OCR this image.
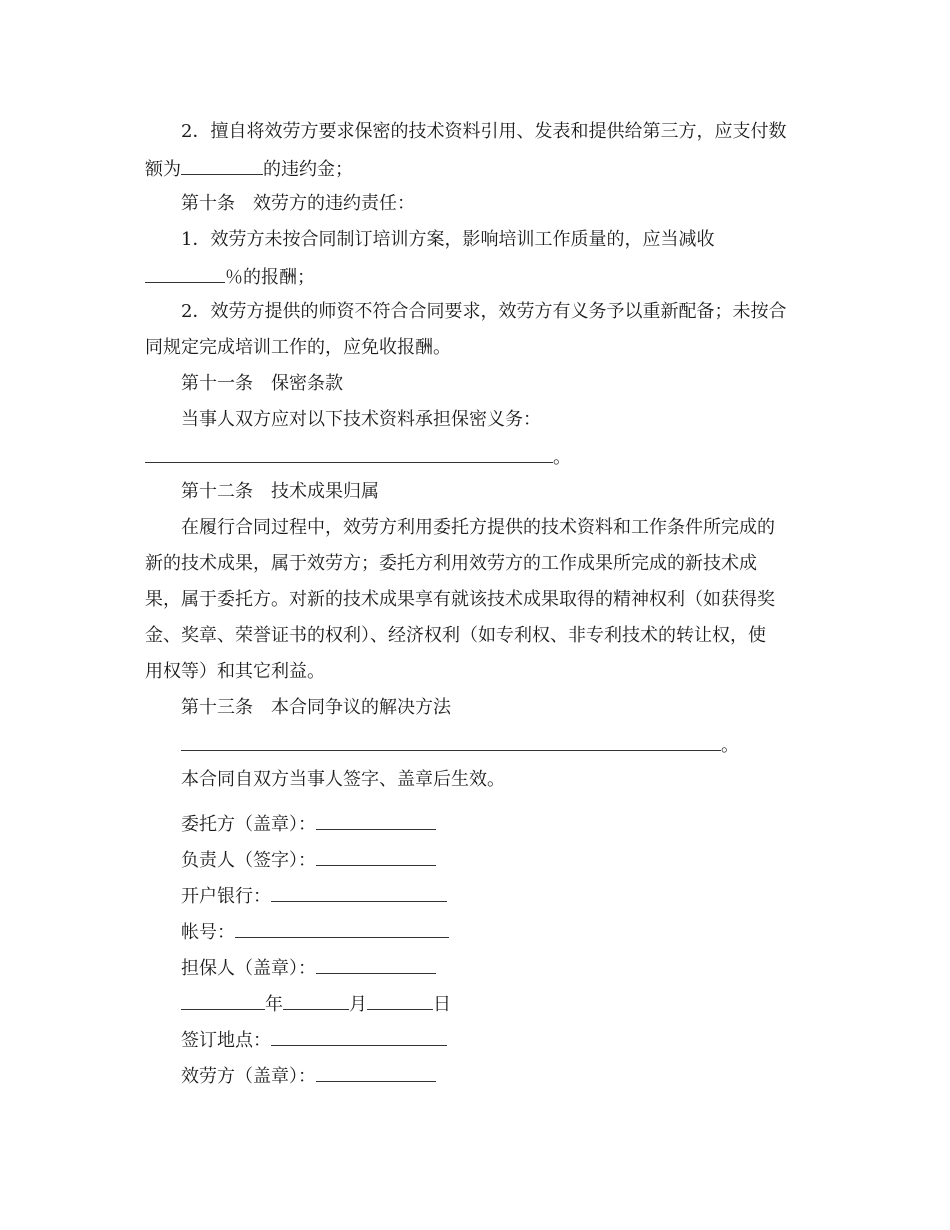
2．擅自将效劳方要求保密的技术资料引用、发表和提供给第三方，应支付数
额为	的违约金；
第十条　效劳方的违约责任：
1．效劳方未按合同制订培训方案，影响培训工作质量的，应当减收
％的报酬；
2．效劳方提供的师资不符合合同要求，效劳方有义务予以重新配备；未按合
同规定完成培训工作的，应免收报酬。
第十一条　保密条款
当事人双方应对以下技术资料承担保密义务：
。
第十二条　技术成果归属
在履行合同过程中，效劳方利用委托方提供的技术资料和工作条件所完成的
新的技术成果，属于效劳方；委托方利用效劳方的工作成果所完成的新技术成
果，属于委托方。对新的技术成果享有就该技术成果取得的精神权利（如获得奖
金、奖章、荣誉证书的权利）、经济权利（如专利权、非专利技术的转让权，使
用权等）和其它利益。
第十三条　本合同争议的解决方法
。
本合同自双方当事人签字、盖章后生效。
委托方（盖章）：
负责人（签字）：
开户银行：
帐号：
担保人（盖章）：
年	月	日
签订地点：
效劳方（盖章）：
